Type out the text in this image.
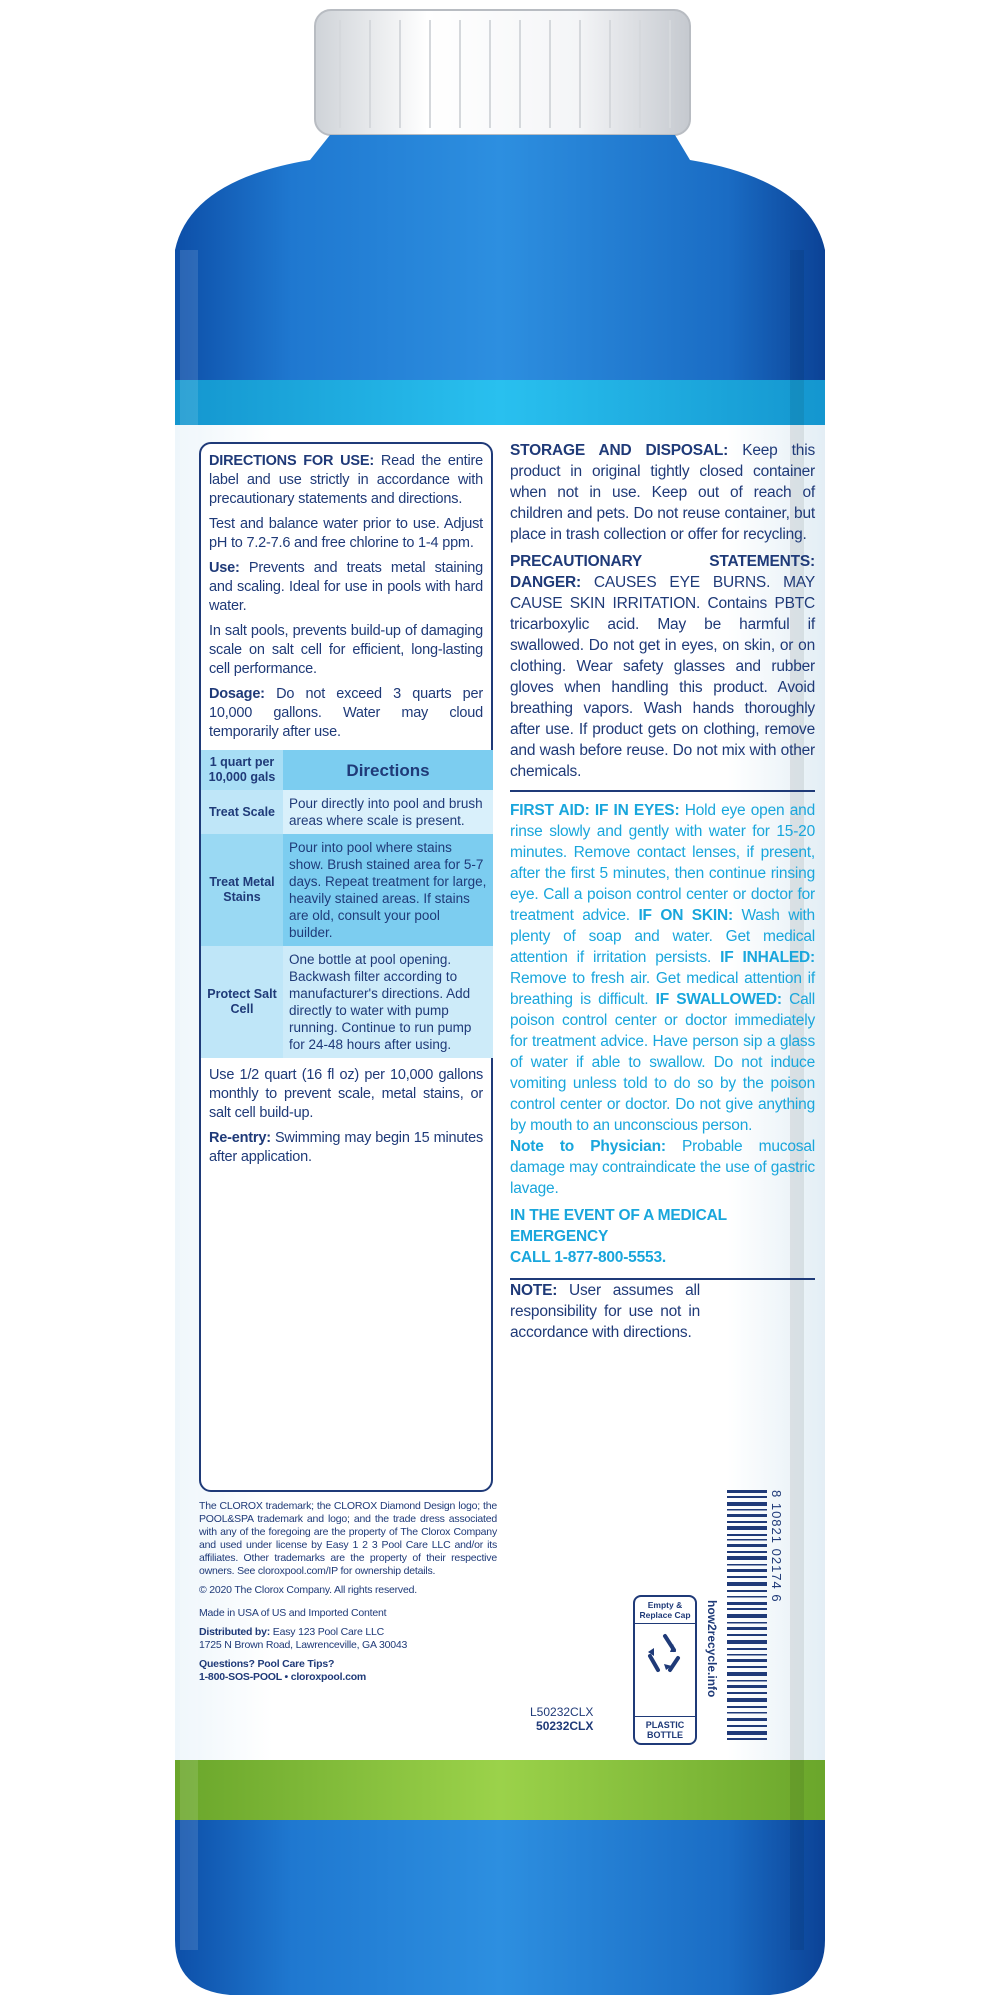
DIRECTIONS FOR USE: Read the entire label and use strictly in accordance with precautionary statements and directions.

Test and balance water prior to use. Adjust pH to 7.2-7.6 and free chlorine to 1-4 ppm.

Use: Prevents and treats metal staining and scaling. Ideal for use in pools with hard water.

In salt pools, prevents build-up of damaging scale on salt cell for efficient, long-lasting cell performance.

Dosage: Do not exceed 3 quarts per 10,000 gallons. Water may cloud temporarily after use.

1 quart per 10,000 gals	Directions
Treat Scale	Pour directly into pool and brush areas where scale is present.
Treat Metal Stains	Pour into pool where stains show. Brush stained area for 5-7 days. Repeat treatment for large, heavily stained areas. If stains are old, consult your pool builder.
Protect Salt Cell	One bottle at pool opening. Backwash filter according to manufacturer's directions. Add directly to water with pump running. Continue to run pump for 24-48 hours after using.

Use 1/2 quart (16 fl oz) per 10,000 gallons monthly to prevent scale, metal stains, or salt cell build-up.

Re-entry: Swimming may begin 15 minutes after application.

The CLOROX trademark; the CLOROX Diamond Design logo; the POOL&SPA trademark and logo; and the trade dress associated with any of the foregoing are the property of The Clorox Company and used under license by Easy 1 2 3 Pool Care LLC and/or its affiliates. Other trademarks are the property of their respective owners. See cloroxpool.com/IP for ownership details.

© 2020 The Clorox Company. All rights reserved.

Made in USA of US and Imported Content

Distributed by: Easy 123 Pool Care LLC

1725 N Brown Road, Lawrenceville, GA 30043

Questions? Pool Care Tips?

1-800-SOS-POOL • cloroxpool.com

STORAGE AND DISPOSAL: Keep this product in original tightly closed container when not in use. Keep out of reach of children and pets. Do not reuse container, but place in trash collection or offer for recycling.

PRECAUTIONARY STATEMENTS: DANGER: CAUSES EYE BURNS. MAY CAUSE SKIN IRRITATION. Contains PBTC tricarboxylic acid. May be harmful if swallowed. Do not get in eyes, on skin, or on clothing. Wear safety glasses and rubber gloves when handling this product. Avoid breathing vapors. Wash hands thoroughly after use. If product gets on clothing, remove and wash before reuse. Do not mix with other chemicals.

FIRST AID: IF IN EYES: Hold eye open and rinse slowly and gently with water for 15-20 minutes. Remove contact lenses, if present, after the first 5 minutes, then continue rinsing eye. Call a poison control center or doctor for treatment advice. IF ON SKIN: Wash with plenty of soap and water. Get medical attention if irritation persists. IF INHALED: Remove to fresh air. Get medical attention if breathing is difficult. IF SWALLOWED: Call poison control center or doctor immediately for treatment advice. Have person sip a glass of water if able to swallow. Do not induce vomiting unless told to do so by the poison control center or doctor. Do not give anything by mouth to an unconscious person.

Note to Physician: Probable mucosal damage may contraindicate the use of gastric lavage.

IN THE EVENT OF A MEDICAL EMERGENCY
CALL 1-877-800-5553.

NOTE: User assumes all responsibility for use not in accordance with directions.

L50232CLX
50232CLX
Empty & Replace Cap
PLASTIC
BOTTLE
how2recycle.info
8 10821 02174 6
